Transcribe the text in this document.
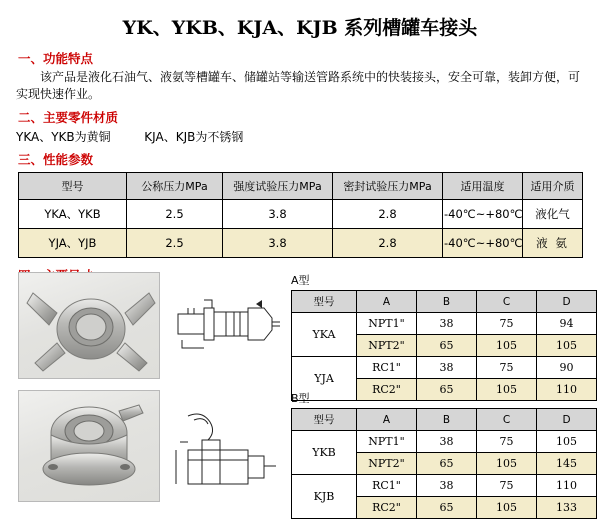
YK、YKB、KJA、KJB 系列槽罐车接头
一、功能特点
该产品是液化石油气、液氨等槽罐车、储罐站等输送管路系统中的快装接头，安全可靠，装卸方便，可实现快速作业。
二、主要零件材质
YKA、YKB为黄铜	KJA、KJB为不锈钢
三、性能参数
型号	公称压力MPa	强度试验压力MPa	密封试验压力MPa	适用温度	适用介质
YKA、YKB	2.5	3.8	2.8	-40℃~+80℃	液化气
YJA、YJB	2.5	3.8	2.8	-40℃~+80℃	液 氨
A型
型号	A	B	C	D
YKA	NPT1"	38	75	94
	NPT2"	65	105	105
YJA	RC1"	38	75	90
	RC2"	65	105	110
B型
型号	A	B	C	D
YKB	NPT1"	38	75	105
	NPT2"	65	105	145
KJB	RC1"	38	75	110
	RC2"	65	105	133
